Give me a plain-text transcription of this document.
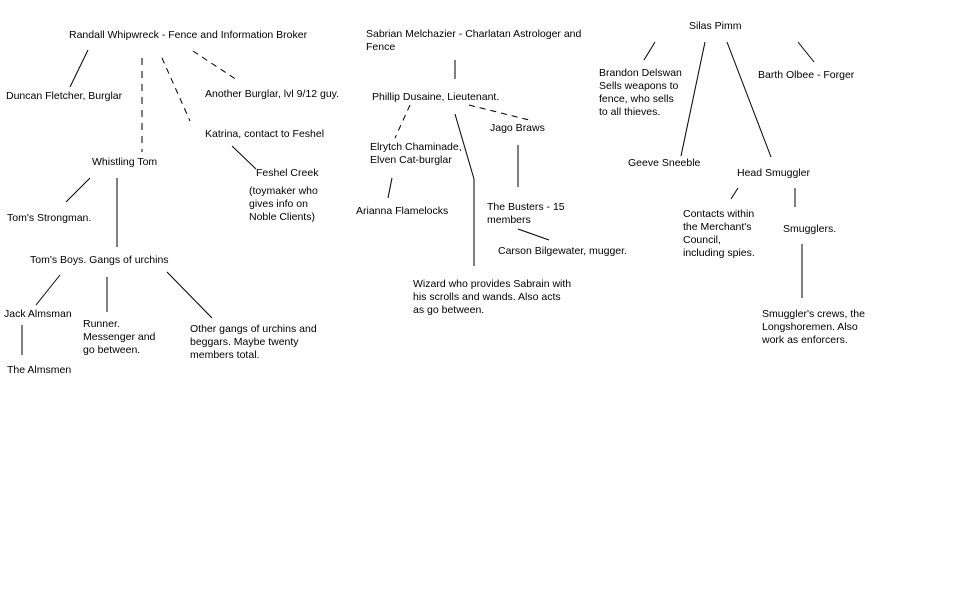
Randall Whipwreck - Fence and Information Broker
Duncan Fletcher, Burglar	Another Burglar, lvl 9/12 guy.
Katrina, contact to Feshel
Whistling Tom
Feshel Creek
(toymaker who
gives info on
Noble Clients)
Tom's Strongman.
Tom's Boys. Gangs of urchins
Jack Almsman
Runner.
Messenger and
go between.
Other gangs of urchins and
beggars. Maybe twenty
members total.
The Almsmen
Sabrian Melchazier - Charlatan Astrologer and
Fence
Phillip Dusaine, Lieutenant.
Jago Braws
Elrytch Chaminade,
Elven Cat-burglar
The Busters - 15
members
Arianna Flamelocks
Carson Bilgewater, mugger.
Wizard who provides Sabrain with
his scrolls and wands. Also acts
as go between.
Silas Pimm
Brandon Delswan
Sells weapons to
fence, who sells
to all thieves.
Barth Olbee - Forger
Geeve Sneeble
Head Smuggler
Contacts within
the Merchant's
Council,
including spies.
Smugglers.
Smuggler's crews, the
Longshoremen. Also
work as enforcers.
